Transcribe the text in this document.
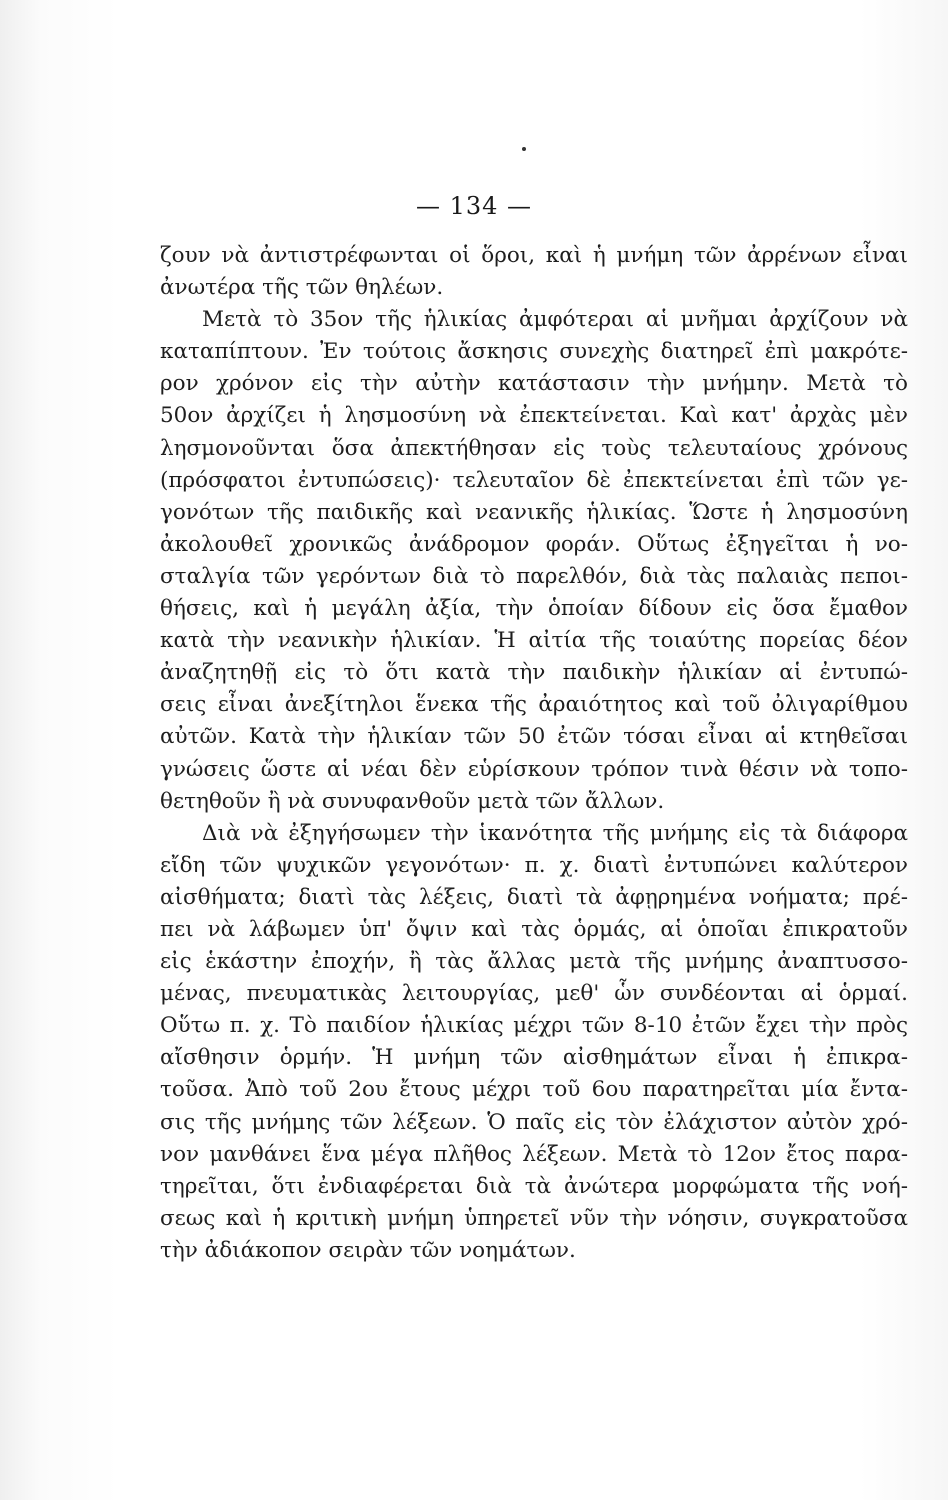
— 134 —
ζουν νὰ ἀντιστρέφωνται οἱ ὅροι, καὶ ἡ μνήμη τῶν ἀρρένων εἶναι
ἀνωτέρα τῆς τῶν θηλέων.
Μετὰ τὸ 35ον τῆς ἡλικίας ἀμφότεραι αἱ μνῆμαι ἀρχίζουν νὰ
καταπίπτουν. Ἐν τούτοις ἄσκησις συνεχὴς διατηρεῖ ἐπὶ μακρότε-
ρον χρόνον εἰς τὴν αὐτὴν κατάστασιν τὴν μνήμην. Μετὰ τὸ
50ον ἀρχίζει ἡ λησμοσύνη νὰ ἐπεκτείνεται. Καὶ κατ' ἀρχὰς μὲν
λησμονοῦνται ὅσα ἀπεκτήθησαν εἰς τοὺς τελευταίους χρόνους
(πρόσφατοι ἐντυπώσεις)· τελευταῖον δὲ ἐπεκτείνεται ἐπὶ τῶν γε-
γονότων τῆς παιδικῆς καὶ νεανικῆς ἡλικίας. Ὥστε ἡ λησμοσύνη
ἀκολουθεῖ χρονικῶς ἀνάδρομον φοράν. Οὕτως ἐξηγεῖται ἡ νο-
σταλγία τῶν γερόντων διὰ τὸ παρελθόν, διὰ τὰς παλαιὰς πεποι-
θήσεις, καὶ ἡ μεγάλη ἀξία, τὴν ὁποίαν δίδουν εἰς ὅσα ἔμαθον
κατὰ τὴν νεανικὴν ἡλικίαν. Ἡ αἰτία τῆς τοιαύτης πορείας δέον
ἀναζητηθῇ εἰς τὸ ὅτι κατὰ τὴν παιδικὴν ἡλικίαν αἱ ἐντυπώ-
σεις εἶναι ἀνεξίτηλοι ἕνεκα τῆς ἀραιότητος καὶ τοῦ ὀλιγαρίθμου
αὐτῶν. Κατὰ τὴν ἡλικίαν τῶν 50 ἐτῶν τόσαι εἶναι αἱ κτηθεῖσαι
γνώσεις ὥστε αἱ νέαι δὲν εὑρίσκουν τρόπον τινὰ θέσιν νὰ τοπο-
θετηθοῦν ἢ νὰ συνυφανθοῦν μετὰ τῶν ἄλλων.
Διὰ νὰ ἐξηγήσωμεν τὴν ἱκανότητα τῆς μνήμης εἰς τὰ διάφορα
εἴδη τῶν ψυχικῶν γεγονότων· π. χ. διατὶ ἐντυπώνει καλύτερον
αἰσθήματα; διατὶ τὰς λέξεις, διατὶ τὰ ἀφῃρημένα νοήματα; πρέ-
πει νὰ λάβωμεν ὑπ' ὄψιν καὶ τὰς ὁρμάς, αἱ ὁποῖαι ἐπικρατοῦν
εἰς ἑκάστην ἐποχήν, ἢ τὰς ἄλλας μετὰ τῆς μνήμης ἀναπτυσσο-
μένας, πνευματικὰς λειτουργίας, μεθ' ὧν συνδέονται αἱ ὁρμαί.
Οὕτω π. χ. Τὸ παιδίον ἡλικίας μέχρι τῶν 8-10 ἐτῶν ἔχει τὴν πρὸς
αἴσθησιν ὁρμήν. Ἡ μνήμη τῶν αἰσθημάτων εἶναι ἡ ἐπικρα-
τοῦσα. Ἀπὸ τοῦ 2ου ἔτους μέχρι τοῦ 6ου παρατηρεῖται μία ἔντα-
σις τῆς μνήμης τῶν λέξεων. Ὁ παῖς εἰς τὸν ἐλάχιστον αὐτὸν χρό-
νον μανθάνει ἕνα μέγα πλῆθος λέξεων. Μετὰ τὸ 12ον ἔτος παρα-
τηρεῖται, ὅτι ἐνδιαφέρεται διὰ τὰ ἀνώτερα μορφώματα τῆς νοή-
σεως καὶ ἡ κριτικὴ μνήμη ὑπηρετεῖ νῦν τὴν νόησιν, συγκρατοῦσα
τὴν ἀδιάκοπον σειρὰν τῶν νοημάτων.
